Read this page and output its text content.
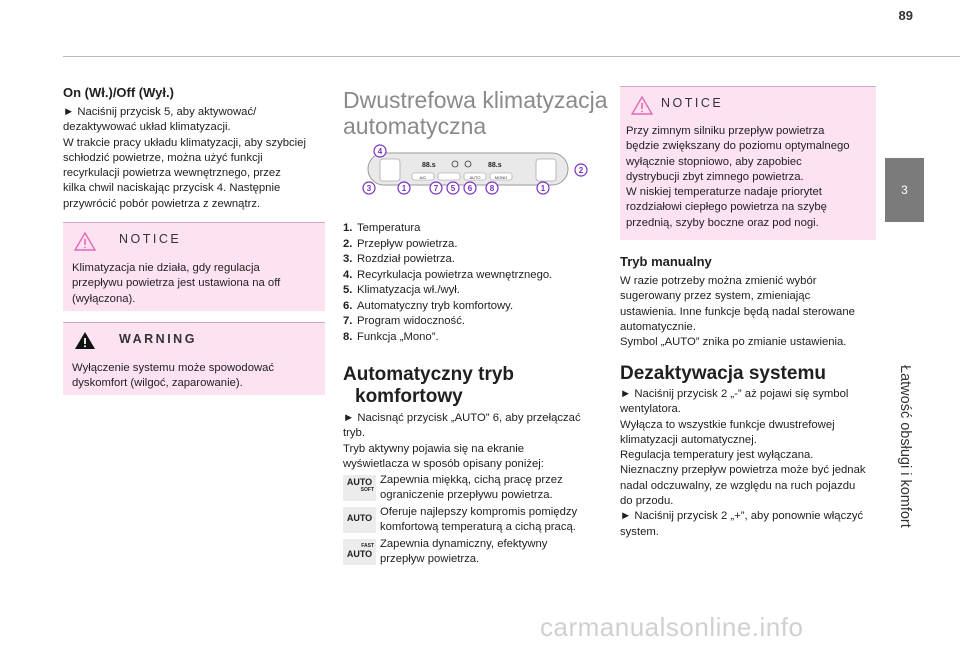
89
3
Łatwość obsługi i komfort
On (Wł.)/Off (Wył.)
► Naciśnij przycisk 5, aby aktywować/
dezaktywować układ klimatyzacji.
W trakcie pracy układu klimatyzacji, aby szybciej
schłodzić powietrze, można użyć funkcji
recyrkulacji powietrza wewnętrznego, przez
kilka chwil naciskając przycisk 4. Następnie
przywrócić pobór powietrza z zewnątrz.
NOTICE
Klimatyzacja nie działa, gdy regulacja
przepływu powietrza jest ustawiona na off
(wyłączona).
WARNING
Wyłączenie systemu może spowodować
dyskomfort (wilgoć, zaparowanie).
Dwustrefowa klimatyzacja
automatyczna
88.s	88.s
A/C	AUTO	MONO
4
2
3	1	7 5 6 8	1
1. Temperatura
2. Przepływ powietrza.
3. Rozdział powietrza.
4. Recyrkulacja powietrza wewnętrznego.
5. Klimatyzacja wł./wył.
6. Automatyczny tryb komfortowy.
7. Program widoczność.
8. Funkcja „Mono”.
Automatyczny tryb
komfortowy
► Nacisnąć przycisk „AUTO” 6, aby przełączać
tryb.
Tryb aktywny pojawia się na ekranie
wyświetlacza w sposób opisany poniżej:
AUTO
SOFT
Zapewnia miękką, cichą pracę przez
ograniczenie przepływu powietrza.
AUTO Oferuje najlepszy kompromis pomiędzy
komfortową temperaturą a cichą pracą.
FAST
AUTO
Zapewnia dynamiczny, efektywny
przepływ powietrza.
NOTICE
Przy zimnym silniku przepływ powietrza
będzie zwiększany do poziomu optymalnego
wyłącznie stopniowo, aby zapobiec
dystrybucji zbyt zimnego powietrza.
W niskiej temperaturze nadaje priorytet
rozdziałowi ciepłego powietrza na szybę
przednią, szyby boczne oraz pod nogi.
Tryb manualny
W razie potrzeby można zmienić wybór
sugerowany przez system, zmieniając
ustawienia. Inne funkcje będą nadal sterowane
automatycznie.
Symbol „AUTO” znika po zmianie ustawienia.
Dezaktywacja systemu
► Naciśnij przycisk 2 „-” aż pojawi się symbol
wentylatora.
Wyłącza to wszystkie funkcje dwustrefowej
klimatyzacji automatycznej.
Regulacja temperatury jest wyłączana.
Nieznaczny przepływ powietrza może być jednak
nadal odczuwalny, ze względu na ruch pojazdu
do przodu.
► Naciśnij przycisk 2 „+”, aby ponownie włączyć
system.
carmanualsonline.info
